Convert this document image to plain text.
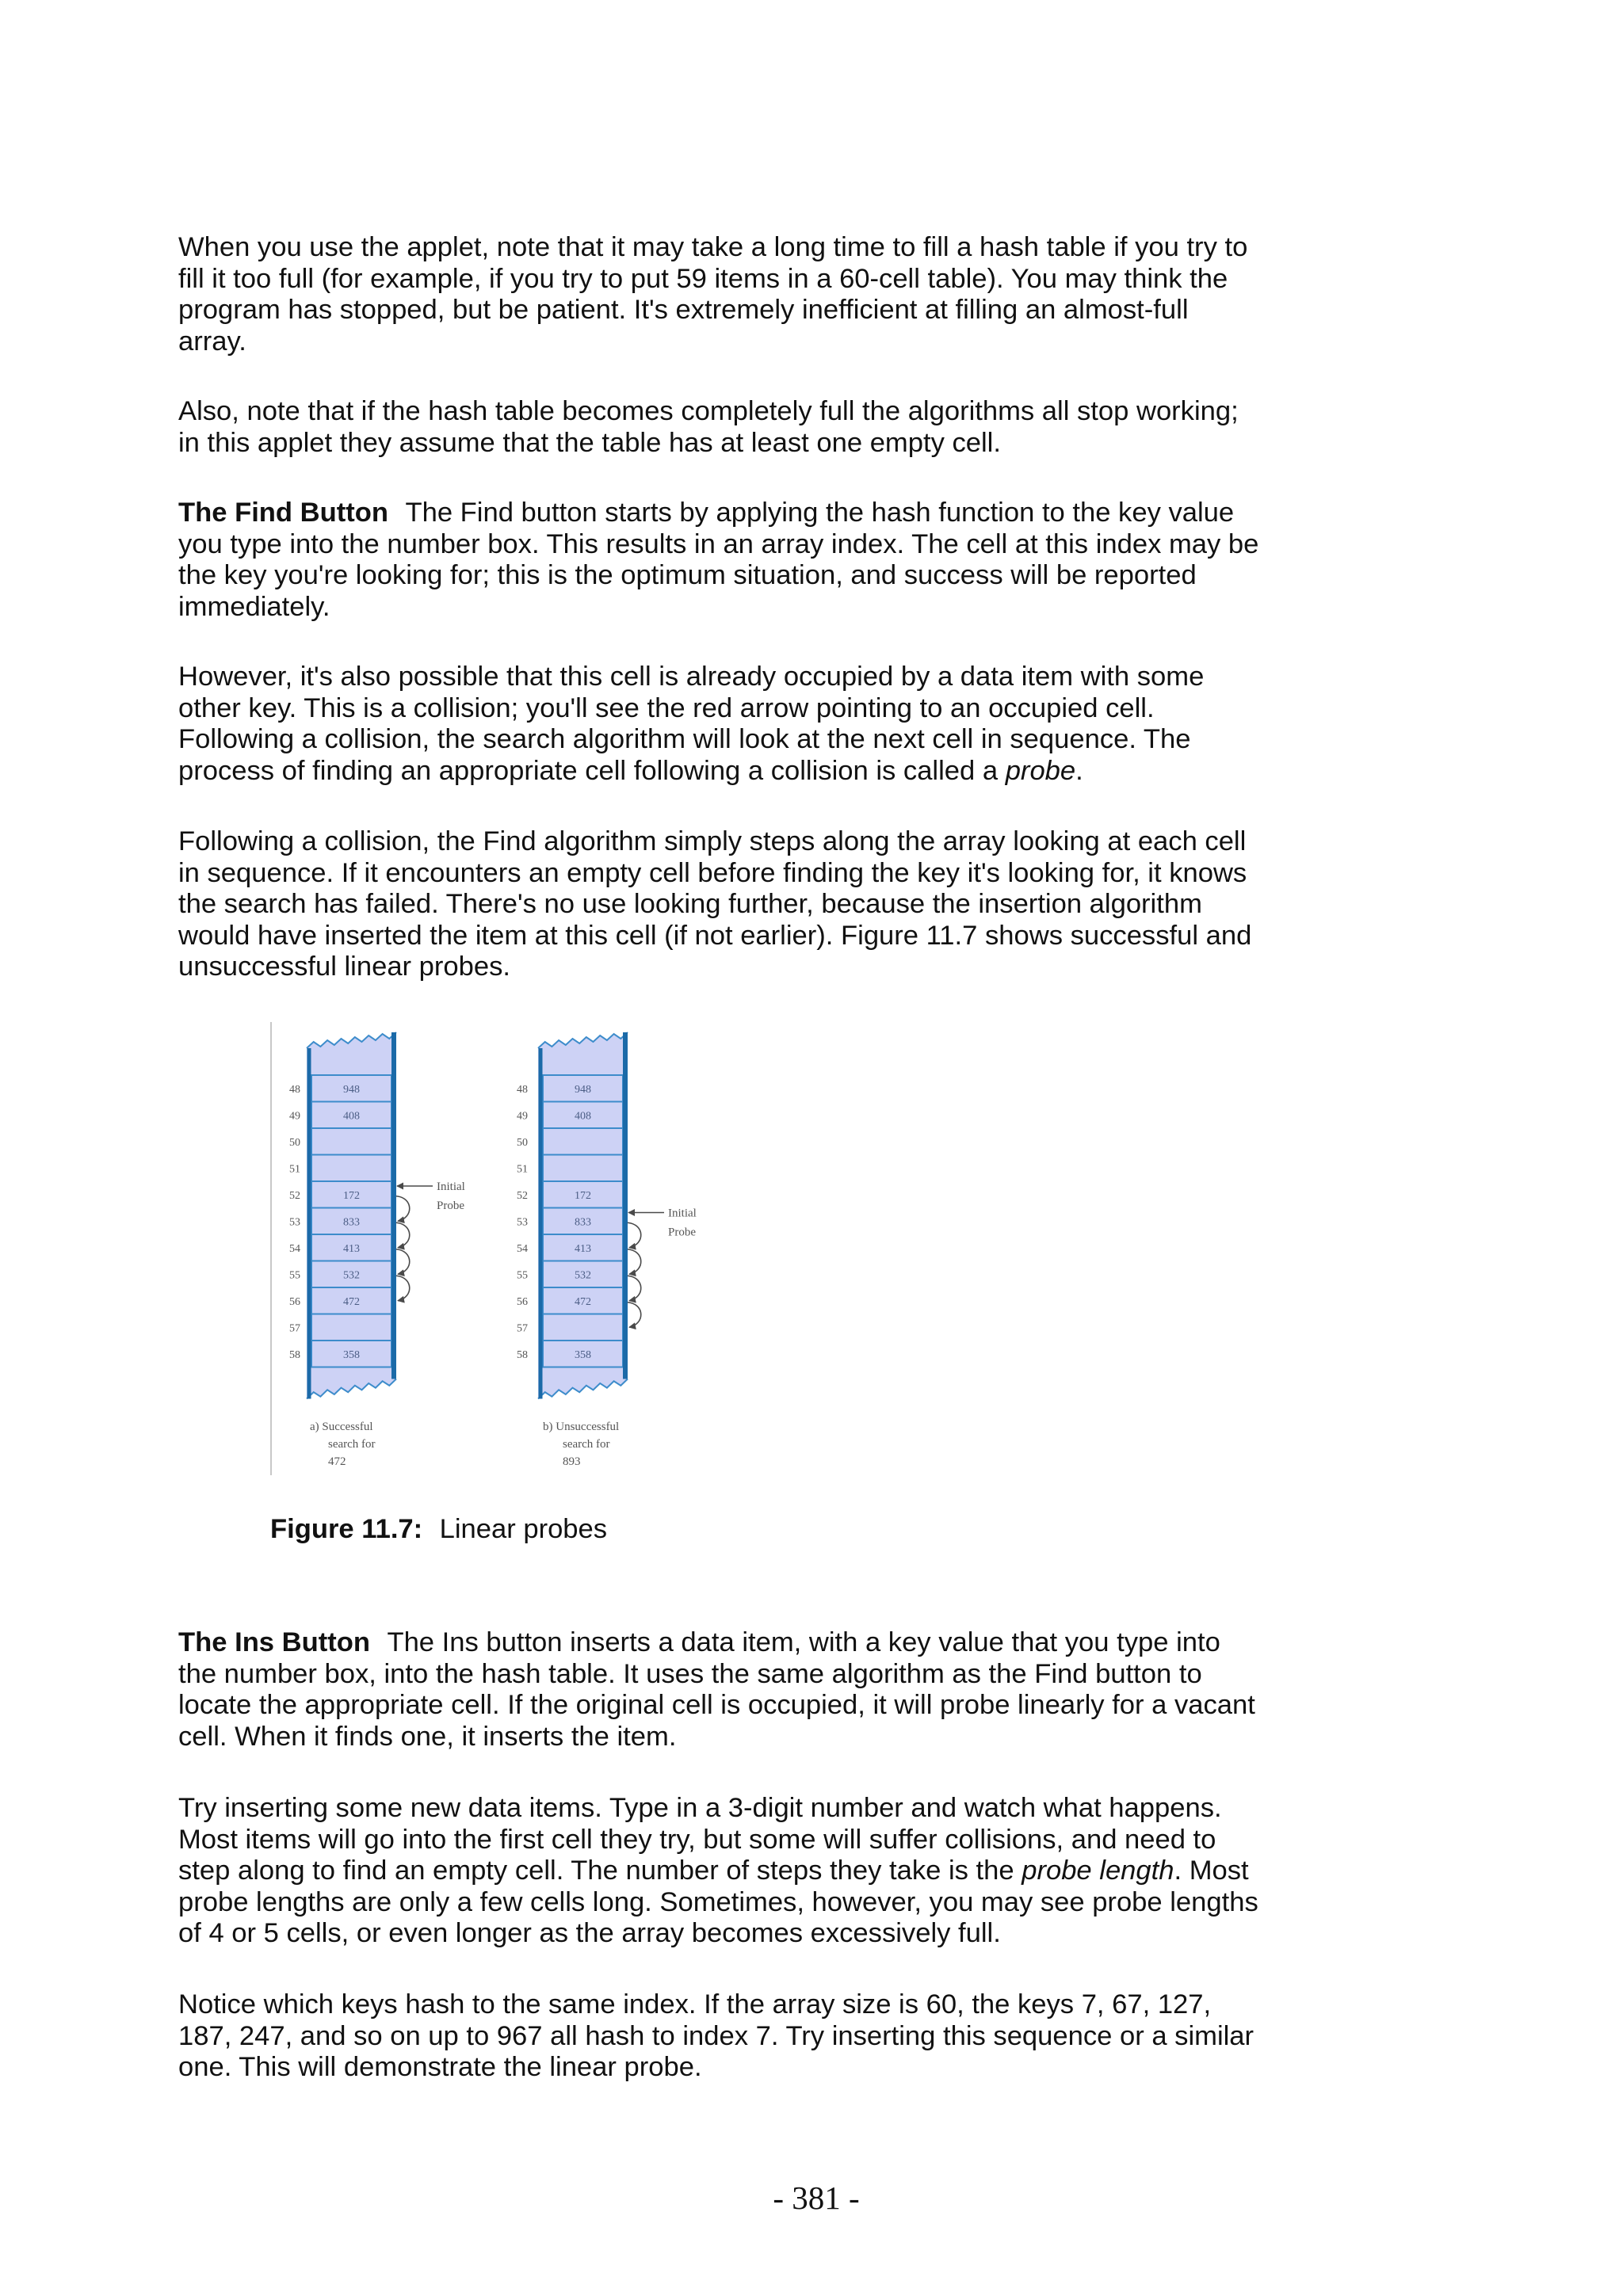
When you use the applet, note that it may take a long time to fill a hash table if you try to
fill it too full (for example, if you try to put 59 items in a 60-cell table). You may think the
program has stopped, but be patient. It's extremely inefficient at filling an almost-full
array.
Also, note that if the hash table becomes completely full the algorithms all stop working;
in this applet they assume that the table has at least one empty cell.
The Find Button The Find button starts by applying the hash function to the key value
you type into the number box. This results in an array index. The cell at this index may be
the key you're looking for; this is the optimum situation, and success will be reported
immediately.
However, it's also possible that this cell is already occupied by a data item with some
other key. This is a collision; you'll see the red arrow pointing to an occupied cell.
Following a collision, the search algorithm will look at the next cell in sequence. The
process of finding an appropriate cell following a collision is called a probe.
Following a collision, the Find algorithm simply steps along the array looking at each cell
in sequence. If it encounters an empty cell before finding the key it's looking for, it knows
the search has failed. There's no use looking further, because the insertion algorithm
would have inserted the item at this cell (if not earlier). Figure 11.7 shows successful and
unsuccessful linear probes.
48	948
49	408
50
51
52	172
53	833
54	413
55	532
56	472
57
58	358
Initial
Probe
a) Successful
search for
472
48	948
49	408
50
51
52	172
53	833
54	413
55	532
56	472
57
58	358
Initial
Probe
b) Unsuccessful
search for
893
Figure 11.7: Linear probes
The Ins Button The Ins button inserts a data item, with a key value that you type into
the number box, into the hash table. It uses the same algorithm as the Find button to
locate the appropriate cell. If the original cell is occupied, it will probe linearly for a vacant
cell. When it finds one, it inserts the item.
Try inserting some new data items. Type in a 3-digit number and watch what happens.
Most items will go into the first cell they try, but some will suffer collisions, and need to
step along to find an empty cell. The number of steps they take is the probe length. Most
probe lengths are only a few cells long. Sometimes, however, you may see probe lengths
of 4 or 5 cells, or even longer as the array becomes excessively full.
Notice which keys hash to the same index. If the array size is 60, the keys 7, 67, 127,
187, 247, and so on up to 967 all hash to index 7. Try inserting this sequence or a similar
one. This will demonstrate the linear probe.
- 381 -
